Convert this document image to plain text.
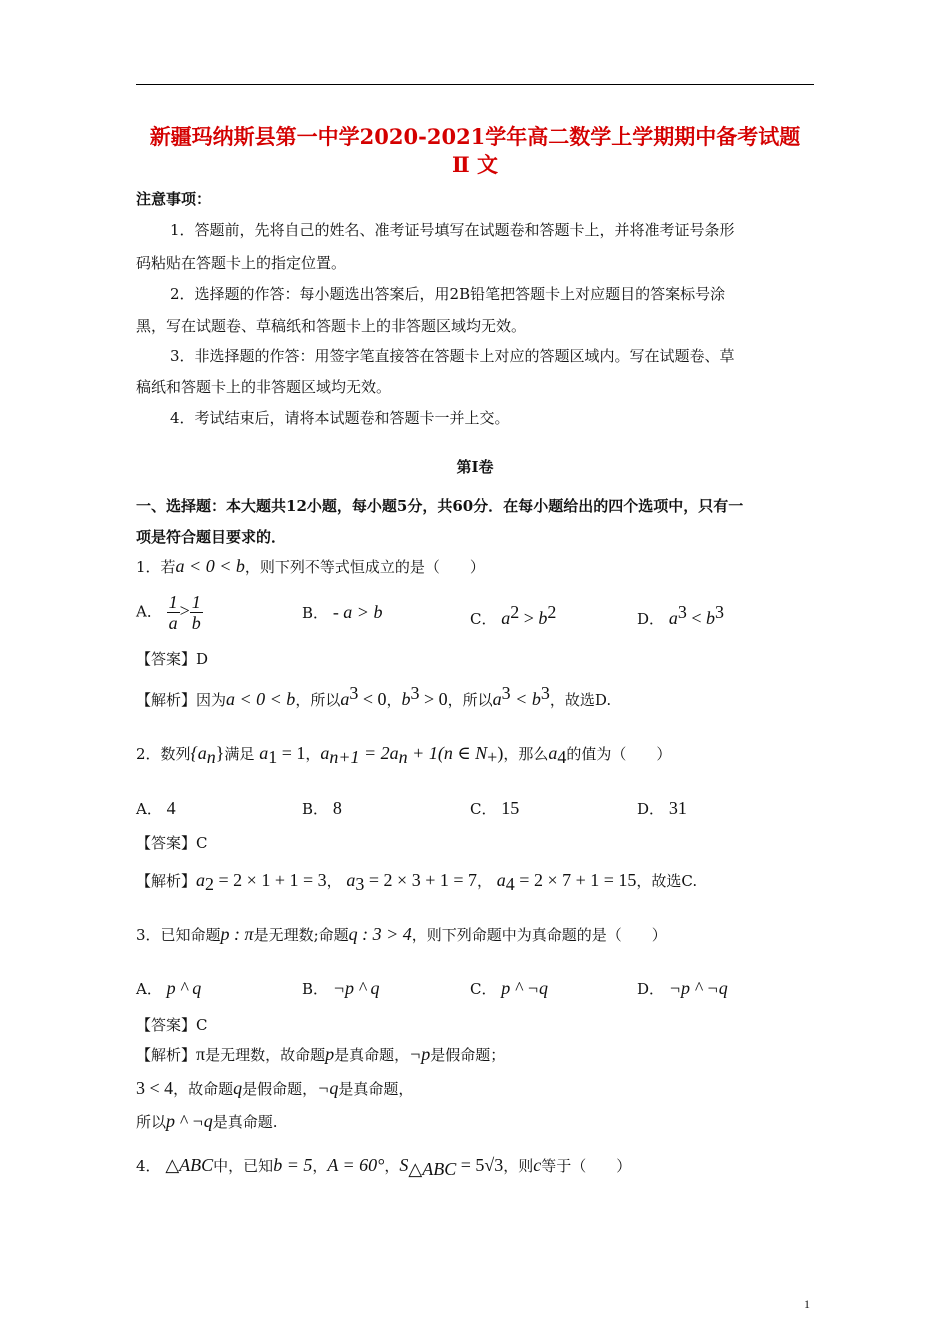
新疆玛纳斯县第一中学2020-2021学年高二数学上学期期中备考试题
Ⅱ 文
注意事项：
1．答题前，先将自己的姓名、准考证号填写在试题卷和答题卡上，并将准考证号条形
码粘贴在答题卡上的指定位置。
2．选择题的作答：每小题选出答案后，用2B铅笔把答题卡上对应题目的答案标号涂
黑，写在试题卷、草稿纸和答题卡上的非答题区域均无效。
3．非选择题的作答：用签字笔直接答在答题卡上对应的答题区域内。写在试题卷、草
稿纸和答题卡上的非答题区域均无效。
4．考试结束后，请将本试题卷和答题卡一并上交。
第Ⅰ卷
一、选择题：本大题共12小题，每小题5分，共60分．在每小题给出的四个选项中，只有一
项是符合题目要求的．
1．若a < 0 < b，则下列不等式恒成立的是（　　）
A． $\frac{1}{a} > \frac{1}{b}$	B． - a > b	C． $a^2 > b^2$	D． $a^3 < b^3$
【答案】D
【解析】因为a < 0 < b，所以$a^3 < 0$，$b^3 > 0$，所以$a^3 < b^3$，故选D.
2．数列$\{a_n\}$满足 $a_1 = 1$，$a_{n+1} = 2a_n + 1(n$ ∈ $N_+$)，那么$a_4$的值为（　　）
A． 4	B． 8	C． 15	D． 31
【答案】C
【解析】$a_2 = 2 \times 1 + 1 = 3$， $a_3 = 2 \times 3 + 1 = 7$， $a_4 = 2 \times 7 + 1 = 15$，故选C.
3．已知命题p : π是无理数;命题q : 3 > 4，则下列命题中为真命题的是（　　）
A． p ^ q	B． ¬p ^ q	C． p ^ ¬q	D． ¬p ^ ¬q
【答案】C
【解析】π是无理数，故命题p是真命题，¬p是假命题；
3 < 4，故命题q是假命题，¬q是真命题，
所以p ^ ¬q是真命题.
4． △ABC中，已知b = 5，A = 60°，$S_{\triangle ABC} = 5√3$，则c等于（　　）
1
